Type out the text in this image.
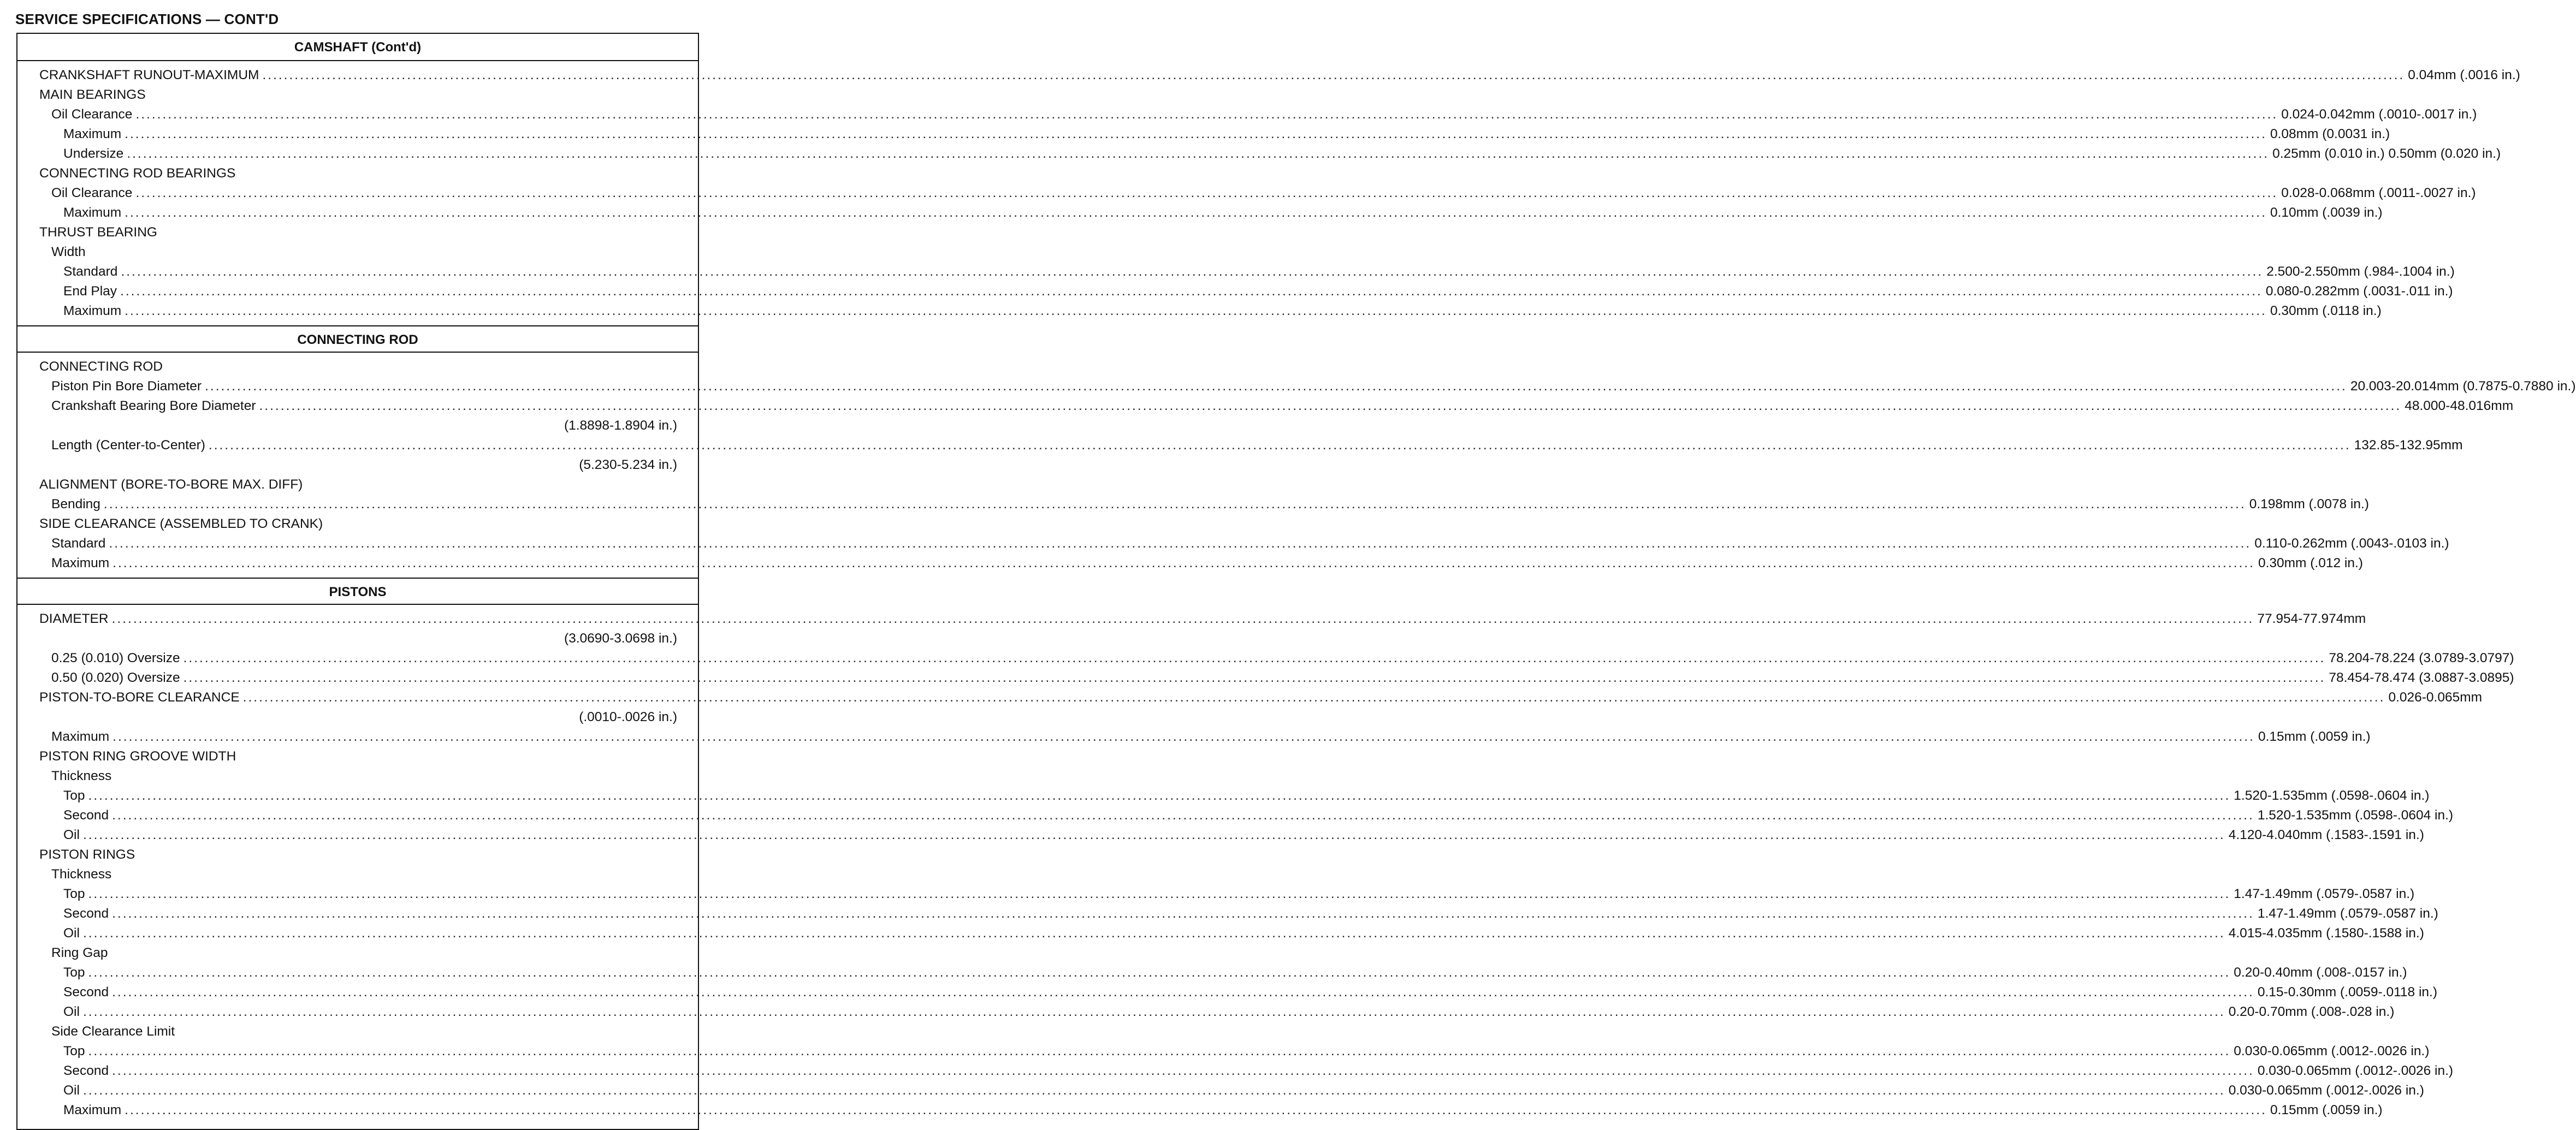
SERVICE SPECIFICATIONS — CONT'D
CAMSHAFT (Cont'd)
CRANKSHAFT RUNOUT-MAXIMUM ................................................................................................................................................................................................................................................................................................................................................................................................................ 0.04mm (.0016 in.)
MAIN BEARINGS
Oil Clearance ................................................................................................................................................................................................................................................................................................................................................................................................................ 0.024-0.042mm (.0010-.0017 in.)
Maximum ................................................................................................................................................................................................................................................................................................................................................................................................................ 0.08mm (0.0031 in.)
Undersize ................................................................................................................................................................................................................................................................................................................................................................................................................ 0.25mm (0.010 in.) 0.50mm (0.020 in.)
CONNECTING ROD BEARINGS
Oil Clearance ................................................................................................................................................................................................................................................................................................................................................................................................................ 0.028-0.068mm (.0011-.0027 in.)
Maximum ................................................................................................................................................................................................................................................................................................................................................................................................................ 0.10mm (.0039 in.)
THRUST BEARING
Width
Standard ................................................................................................................................................................................................................................................................................................................................................................................................................ 2.500-2.550mm (.984-.1004 in.)
End Play ................................................................................................................................................................................................................................................................................................................................................................................................................ 0.080-0.282mm (.0031-.011 in.)
Maximum ................................................................................................................................................................................................................................................................................................................................................................................................................ 0.30mm (.0118 in.)
CONNECTING ROD
CONNECTING ROD
Piston Pin Bore Diameter ................................................................................................................................................................................................................................................................................................................................................................................................................ 20.003-20.014mm (0.7875-0.7880 in.)
Crankshaft Bearing Bore Diameter ................................................................................................................................................................................................................................................................................................................................................................................................................ 48.000-48.016mm
(1.8898-1.8904 in.)
Length (Center-to-Center) ................................................................................................................................................................................................................................................................................................................................................................................................................ 132.85-132.95mm
(5.230-5.234 in.)
ALIGNMENT (BORE-TO-BORE MAX. DIFF)
Bending ................................................................................................................................................................................................................................................................................................................................................................................................................ 0.198mm (.0078 in.)
SIDE CLEARANCE (ASSEMBLED TO CRANK)
Standard ................................................................................................................................................................................................................................................................................................................................................................................................................ 0.110-0.262mm (.0043-.0103 in.)
Maximum ................................................................................................................................................................................................................................................................................................................................................................................................................ 0.30mm (.012 in.)
PISTONS
DIAMETER ................................................................................................................................................................................................................................................................................................................................................................................................................ 77.954-77.974mm
(3.0690-3.0698 in.)
0.25 (0.010) Oversize ................................................................................................................................................................................................................................................................................................................................................................................................................ 78.204-78.224 (3.0789-3.0797)
0.50 (0.020) Oversize ................................................................................................................................................................................................................................................................................................................................................................................................................ 78.454-78.474 (3.0887-3.0895)
PISTON-TO-BORE CLEARANCE ................................................................................................................................................................................................................................................................................................................................................................................................................ 0.026-0.065mm
(.0010-.0026 in.)
Maximum ................................................................................................................................................................................................................................................................................................................................................................................................................ 0.15mm (.0059 in.)
PISTON RING GROOVE WIDTH
Thickness
Top ................................................................................................................................................................................................................................................................................................................................................................................................................ 1.520-1.535mm (.0598-.0604 in.)
Second ................................................................................................................................................................................................................................................................................................................................................................................................................ 1.520-1.535mm (.0598-.0604 in.)
Oil ................................................................................................................................................................................................................................................................................................................................................................................................................ 4.120-4.040mm (.1583-.1591 in.)
PISTON RINGS
Thickness
Top ................................................................................................................................................................................................................................................................................................................................................................................................................ 1.47-1.49mm (.0579-.0587 in.)
Second ................................................................................................................................................................................................................................................................................................................................................................................................................ 1.47-1.49mm (.0579-.0587 in.)
Oil ................................................................................................................................................................................................................................................................................................................................................................................................................ 4.015-4.035mm (.1580-.1588 in.)
Ring Gap
Top ................................................................................................................................................................................................................................................................................................................................................................................................................ 0.20-0.40mm (.008-.0157 in.)
Second ................................................................................................................................................................................................................................................................................................................................................................................................................ 0.15-0.30mm (.0059-.0118 in.)
Oil ................................................................................................................................................................................................................................................................................................................................................................................................................ 0.20-0.70mm (.008-.028 in.)
Side Clearance Limit
Top ................................................................................................................................................................................................................................................................................................................................................................................................................ 0.030-0.065mm (.0012-.0026 in.)
Second ................................................................................................................................................................................................................................................................................................................................................................................................................ 0.030-0.065mm (.0012-.0026 in.)
Oil ................................................................................................................................................................................................................................................................................................................................................................................................................ 0.030-0.065mm (.0012-.0026 in.)
Maximum ................................................................................................................................................................................................................................................................................................................................................................................................................ 0.15mm (.0059 in.)
